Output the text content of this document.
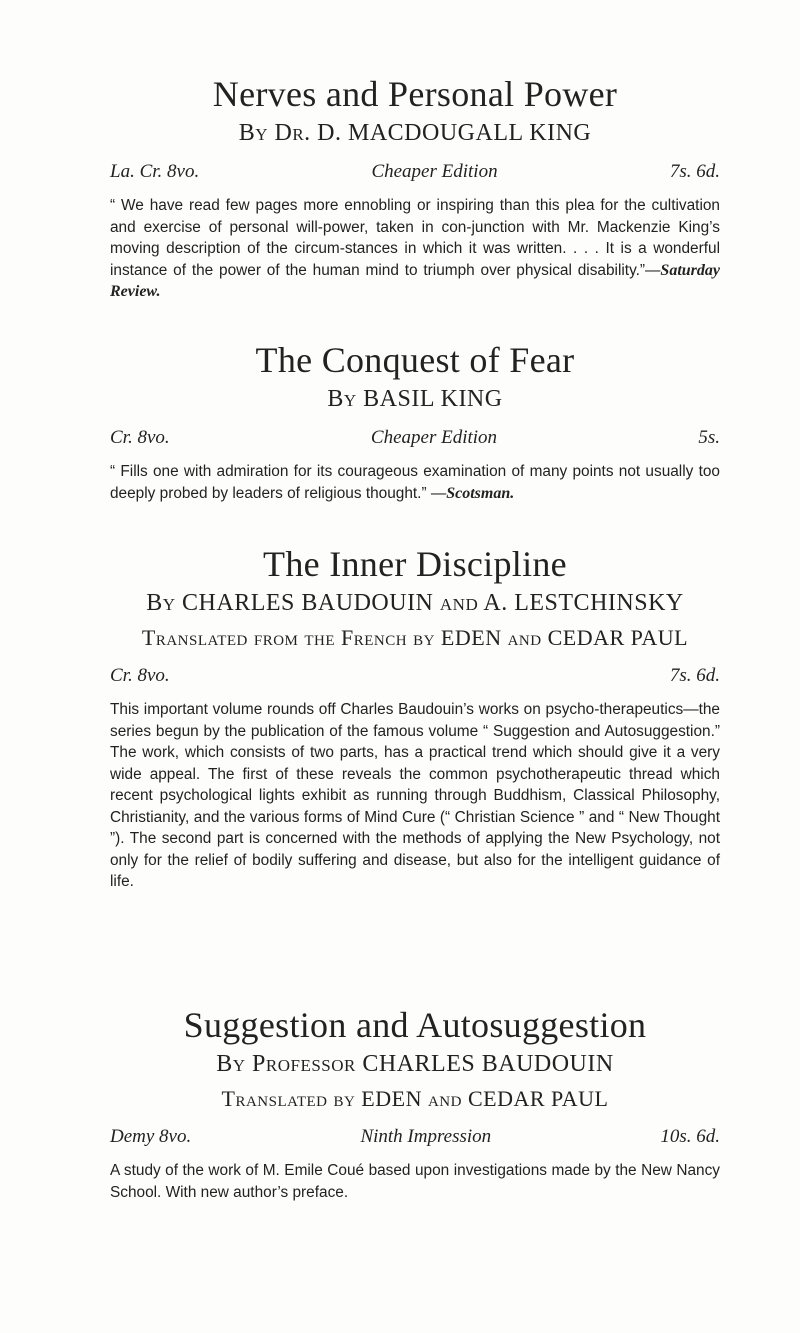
Nerves and Personal Power

By Dr. D. MACDOUGALL KING

La. Cr. 8vo.	Cheaper Edition	7s. 6d.

“ We have read few pages more ennobling or inspiring than this plea for the cultivation and exercise of personal will-power, taken in con-junction with Mr. Mackenzie King’s moving description of the circum-stances in which it was written. . . . It is a wonderful instance of the power of the human mind to triumph over physical disability.”—Saturday Review.

The Conquest of Fear

By BASIL KING

Cr. 8vo.	Cheaper Edition	5s.

“ Fills one with admiration for its courageous examination of many points not usually too deeply probed by leaders of religious thought.” —Scotsman.

The Inner Discipline

By CHARLES BAUDOUIN and A. LESTCHINSKY

Translated from the French by EDEN and CEDAR PAUL

Cr. 8vo.	7s. 6d.

This important volume rounds off Charles Baudouin’s works on psycho-therapeutics—the series begun by the publication of the famous volume “ Suggestion and Autosuggestion.” The work, which consists of two parts, has a practical trend which should give it a very wide appeal. The first of these reveals the common psychotherapeutic thread which recent psychological lights exhibit as running through Buddhism, Classical Philosophy, Christianity, and the various forms of Mind Cure (“ Christian Science ” and “ New Thought ”). The second part is concerned with the methods of applying the New Psychology, not only for the relief of bodily suffering and disease, but also for the intelligent guidance of life.

Suggestion and Autosuggestion

By Professor CHARLES BAUDOUIN

Translated by EDEN and CEDAR PAUL

Demy 8vo.	Ninth Impression	10s. 6d.

A study of the work of M. Emile Coué based upon investigations made by the New Nancy School. With new author’s preface.
